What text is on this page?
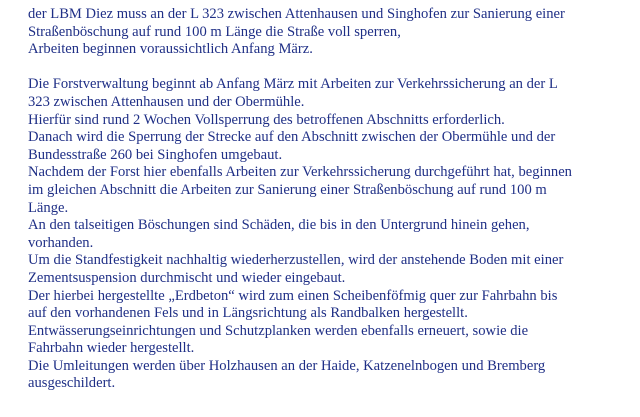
der LBM Diez muss an der L 323 zwischen Attenhausen und Singhofen zur Sanierung einer
Straßenböschung auf rund 100 m Länge die Straße voll sperren,
Arbeiten beginnen voraussichtlich Anfang März.
Die Forstverwaltung beginnt ab Anfang März mit Arbeiten zur Verkehrssicherung an der L
323 zwischen Attenhausen und der Obermühle.
Hierfür sind rund 2 Wochen Vollsperrung des betroffenen Abschnitts erforderlich.
Danach wird die Sperrung der Strecke auf den Abschnitt zwischen der Obermühle und der
Bundesstraße 260 bei Singhofen umgebaut.
Nachdem der Forst hier ebenfalls Arbeiten zur Verkehrssicherung durchgeführt hat, beginnen
im gleichen Abschnitt die Arbeiten zur Sanierung einer Straßenböschung auf rund 100 m
Länge.
An den talseitigen Böschungen sind Schäden, die bis in den Untergrund hinein gehen,
vorhanden.
Um die Standfestigkeit nachhaltig wiederherzustellen, wird der anstehende Boden mit einer
Zementsuspension durchmischt und wieder eingebaut.
Der hierbei hergestellte „Erdbeton“ wird zum einen Scheibenföfmig quer zur Fahrbahn bis
auf den vorhandenen Fels und in Längsrichtung als Randbalken hergestellt.
Entwässerungseinrichtungen und Schutzplanken werden ebenfalls erneuert, sowie die
Fahrbahn wieder hergestellt.
Die Umleitungen werden über Holzhausen an der Haide, Katzenelnbogen und Bremberg
ausgeschildert.
